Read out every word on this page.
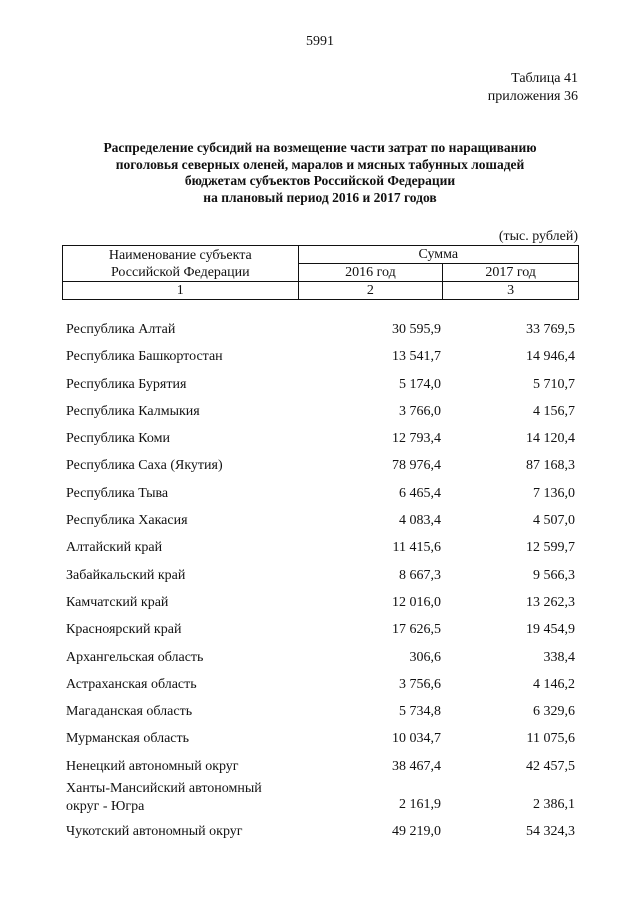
5991
Таблица 41
приложения 36
Распределение субсидий на возмещение части затрат по наращиванию
поголовья северных оленей, маралов и мясных табунных лошадей
бюджетам субъектов Российской Федерации
на плановый период 2016 и 2017 годов
(тыс. рублей)
Наименование субъекта
Российской Федерации	Сумма	
	2016 год	2017 год
1	2	3
Республика Алтай	30 595,9	33 769,5
Республика Башкортостан	13 541,7	14 946,4
Республика Бурятия	5 174,0	5 710,7
Республика Калмыкия	3 766,0	4 156,7
Республика Коми	12 793,4	14 120,4
Республика Саха (Якутия)	78 976,4	87 168,3
Республика Тыва	6 465,4	7 136,0
Республика Хакасия	4 083,4	4 507,0
Алтайский край	11 415,6	12 599,7
Забайкальский край	8 667,3	9 566,3
Камчатский край	12 016,0	13 262,3
Красноярский край	17 626,5	19 454,9
Архангельская область	306,6	338,4
Астраханская область	3 756,6	4 146,2
Магаданская область	5 734,8	6 329,6
Мурманская область	10 034,7	11 075,6
Ненецкий автономный округ	38 467,4	42 457,5
Ханты-Мансийский автономный округ - Югра	2 161,9	2 386,1
Чукотский автономный округ	49 219,0	54 324,3
